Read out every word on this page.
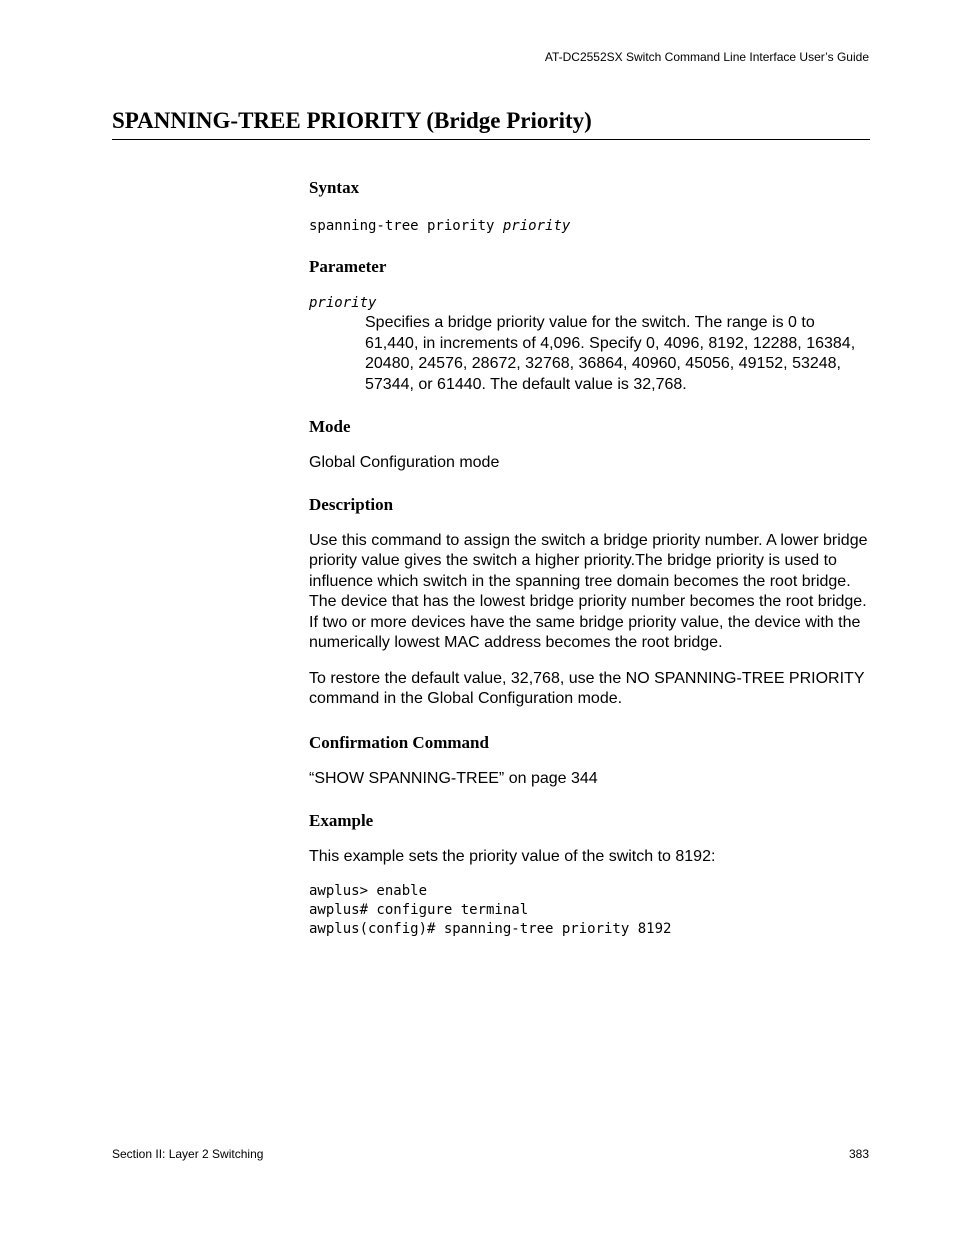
AT-DC2552SX Switch Command Line Interface User’s Guide
SPANNING-TREE PRIORITY (Bridge Priority)
Syntax

spanning-tree priority priority

Parameter

priority

Specifies a bridge priority value for the switch. The range is 0 to 61,440, in increments of 4,096. Specify 0, 4096, 8192, 12288, 16384, 20480, 24576, 28672, 32768, 36864, 40960, 45056, 49152, 53248, 57344, or 61440. The default value is 32,768.

Mode

Global Configuration mode

Description

Use this command to assign the switch a bridge priority number. A lower bridge priority value gives the switch a higher priority.The bridge priority is used to influence which switch in the spanning tree domain becomes the root bridge. The device that has the lowest bridge priority number becomes the root bridge. If two or more devices have the same bridge priority value, the device with the numerically lowest MAC address becomes the root bridge.

To restore the default value, 32,768, use the NO SPANNING-TREE PRIORITY command in the Global Configuration mode.

Confirmation Command

“SHOW SPANNING-TREE” on page 344

Example

This example sets the priority value of the switch to 8192:

awplus> enable

awplus# configure terminal

awplus(config)# spanning-tree priority 8192

Section II: Layer 2 Switching	383
